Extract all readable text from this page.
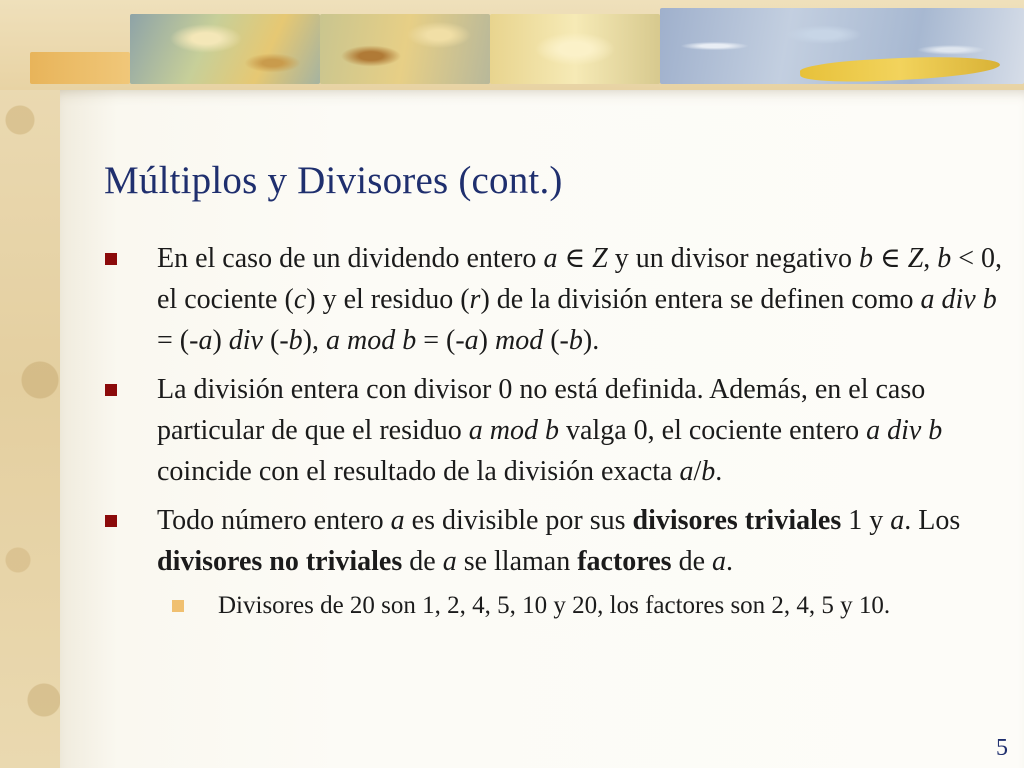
Múltiplos y Divisores (cont.)
En el caso de un dividendo entero a ∈ Z y un divisor negativo b ∈ Z, b < 0, el cociente (c) y el residuo (r) de la división entera se definen como a div b = (-a) div (-b), a mod b = (-a) mod (-b).
La división entera con divisor 0 no está definida. Además, en el caso particular de que el residuo a mod b valga 0, el cociente entero a div b coincide con el resultado de la división exacta a/b.
Todo número entero a es divisible por sus divisores triviales 1 y a. Los divisores no triviales de a se llaman factores de a.
Divisores de 20 son 1, 2, 4, 5, 10 y 20, los factores son 2, 4, 5 y 10.
5
